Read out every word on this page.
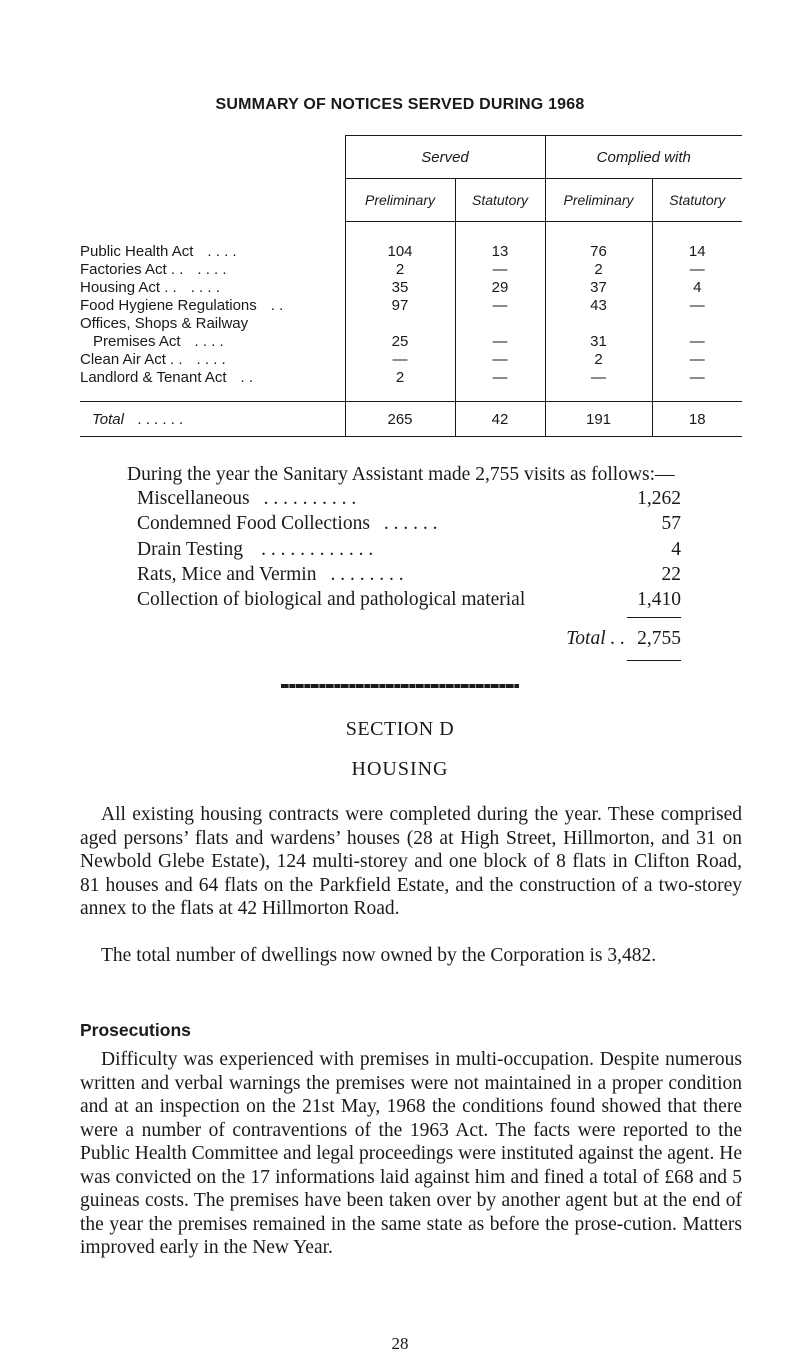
SUMMARY OF NOTICES SERVED DURING 1968
	Served		Complied with	
	Preliminary	Statutory	Preliminary	Statutory

Public Health Act . . . .	104	13	76	14
Factories Act . . . . . .	2	—	2	—
Housing Act . . . . . .	35	29	37	4
Food Hygiene Regulations . .	97	—	43	—
Offices, Shops & Railway				
Premises Act . . . .	25	—	31	—
Clean Air Act . . . . . .	—	—	2	—
Landlord & Tenant Act . .	2	—	—	—

Total . . . . . .	265	42	191	18
During the year the Sanitary Assistant made 2,755 visits as follows:—
Miscellaneous . . . . . . . . . .	1,262
Condemned Food Collections . . . . . .	57
Drain Testing . . . . . . . . . . . .	4
Rats, Mice and Vermin . . . . . . . .	22
Collection of biological and pathological material	1,410
Total . . 2,755
SECTION D
HOUSING

All existing housing contracts were completed during the year. These comprised aged persons’ flats and wardens’ houses (28 at High Street, Hillmorton, and 31 on Newbold Glebe Estate), 124 multi-storey and one block of 8 flats in Clifton Road, 81 houses and 64 flats on the Parkfield Estate, and the construction of a two-storey annex to the flats at 42 Hillmorton Road.

The total number of dwellings now owned by the Corporation is 3,482.

Prosecutions

Difficulty was experienced with premises in multi-occupation. Despite numerous written and verbal warnings the premises were not maintained in a proper condition and at an inspection on the 21st May, 1968 the conditions found showed that there were a number of contraventions of the 1963 Act. The facts were reported to the Public Health Committee and legal proceedings were instituted against the agent. He was convicted on the 17 informations laid against him and fined a total of £68 and 5 guineas costs. The premises have been taken over by another agent but at the end of the year the premises remained in the same state as before the prose-cution. Matters improved early in the New Year.

28
